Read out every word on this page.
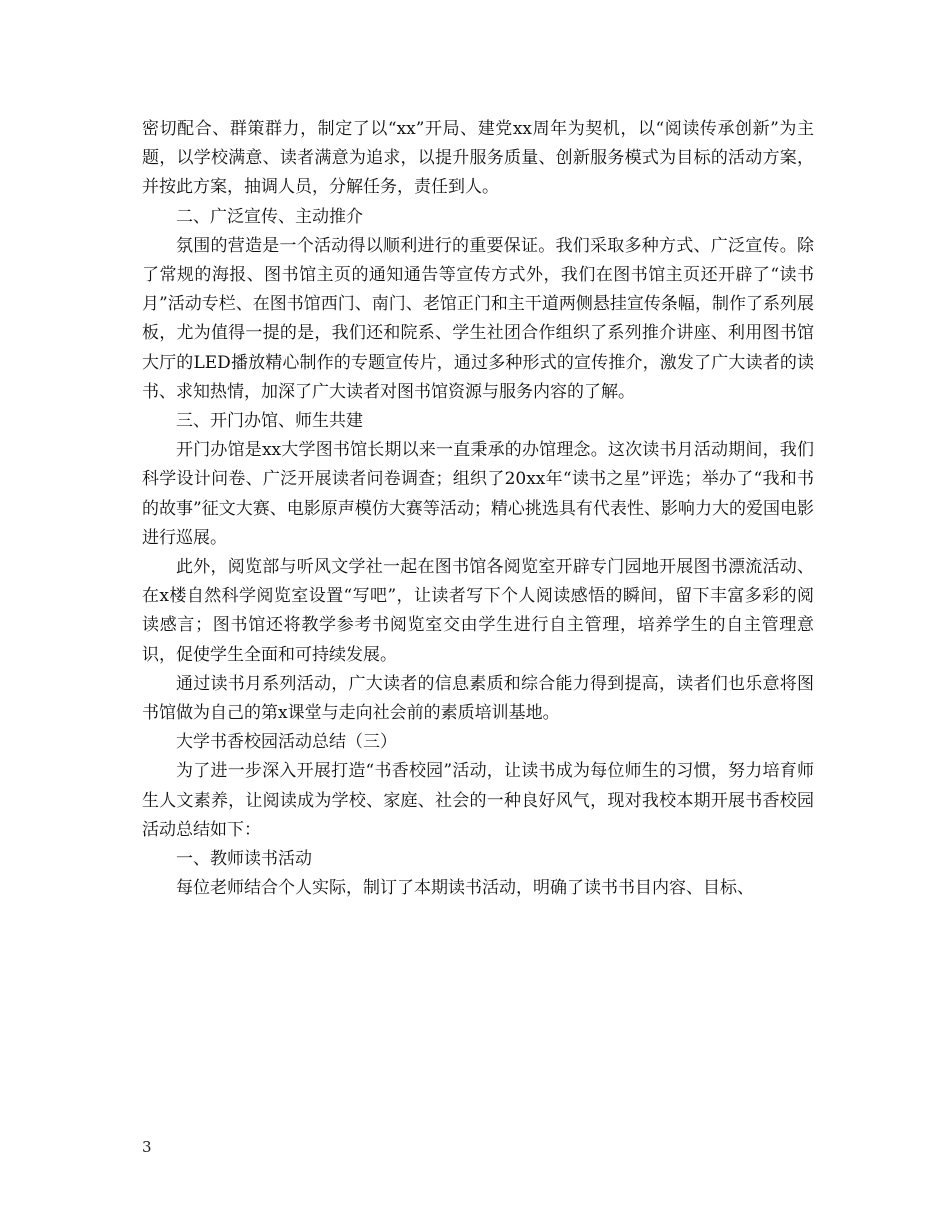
密切配合、群策群力，制定了以“xx”开局、建党xx周年为契机，以“阅读传承创新”为主题，以学校满意、读者满意为追求，以提升服务质量、创新服务模式为目标的活动方案，并按此方案，抽调人员，分解任务，责任到人。

二、广泛宣传、主动推介

氛围的营造是一个活动得以顺利进行的重要保证。我们采取多种方式、广泛宣传。除了常规的海报、图书馆主页的通知通告等宣传方式外，我们在图书馆主页还开辟了“读书月”活动专栏、在图书馆西门、南门、老馆正门和主干道两侧悬挂宣传条幅，制作了系列展板，尤为值得一提的是，我们还和院系、学生社团合作组织了系列推介讲座、利用图书馆大厅的LED播放精心制作的专题宣传片，通过多种形式的宣传推介，激发了广大读者的读书、求知热情，加深了广大读者对图书馆资源与服务内容的了解。

三、开门办馆、师生共建

开门办馆是xx大学图书馆长期以来一直秉承的办馆理念。这次读书月活动期间，我们科学设计问卷、广泛开展读者问卷调查；组织了20xx年“读书之星”评选；举办了“我和书的故事”征文大赛、电影原声模仿大赛等活动；精心挑选具有代表性、影响力大的爱国电影进行巡展。

此外，阅览部与听风文学社一起在图书馆各阅览室开辟专门园地开展图书漂流活动、在x楼自然科学阅览室设置“写吧”，让读者写下个人阅读感悟的瞬间，留下丰富多彩的阅读感言；图书馆还将教学参考书阅览室交由学生进行自主管理，培养学生的自主管理意识，促使学生全面和可持续发展。

通过读书月系列活动，广大读者的信息素质和综合能力得到提高，读者们也乐意将图书馆做为自己的第x课堂与走向社会前的素质培训基地。

大学书香校园活动总结（三）

为了进一步深入开展打造“书香校园”活动，让读书成为每位师生的习惯，努力培育师生人文素养，让阅读成为学校、家庭、社会的一种良好风气，现对我校本期开展书香校园活动总结如下：

一、教师读书活动

每位老师结合个人实际，制订了本期读书活动，明确了读书书目内容、目标、

3
